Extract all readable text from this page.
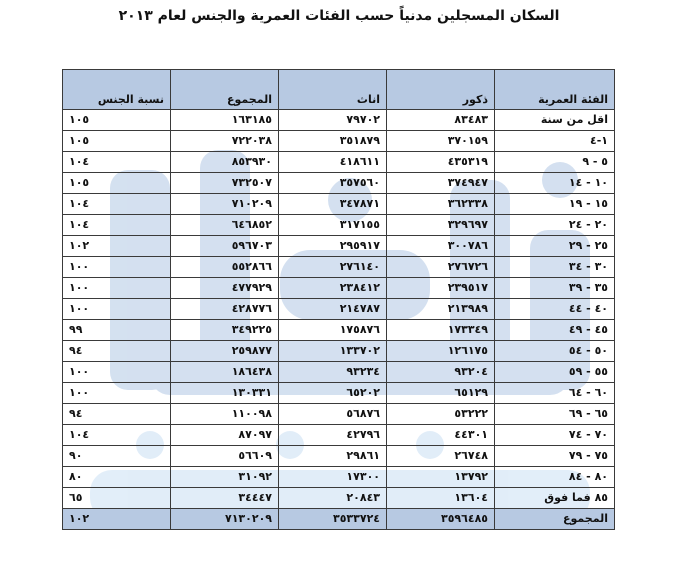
السكان المسجلين مدنياً حسب الفئات العمرية والجنس لعام ٢٠١٣
الفئة العمرية	ذكور	اناث	المجموع	نسبة الجنس
اقل من سنة	٨٣٤٨٣	٧٩٧٠٢	١٦٣١٨٥	١٠٥
١-٤	٣٧٠١٥٩	٣٥١٨٧٩	٧٢٢٠٣٨	١٠٥
٥ - ٩	٤٣٥٣١٩	٤١٨٦١١	٨٥٣٩٣٠	١٠٤
١٠ - ١٤	٣٧٤٩٤٧	٣٥٧٥٦٠	٧٣٢٥٠٧	١٠٥
١٥ - ١٩	٣٦٢٣٣٨	٣٤٧٨٧١	٧١٠٢٠٩	١٠٤
٢٠ - ٢٤	٣٢٩٦٩٧	٣١٧١٥٥	٦٤٦٨٥٢	١٠٤
٢٥ - ٢٩	٣٠٠٧٨٦	٢٩٥٩١٧	٥٩٦٧٠٣	١٠٢
٣٠ - ٣٤	٢٧٦٧٢٦	٢٧٦١٤٠	٥٥٢٨٦٦	١٠٠
٣٥ - ٣٩	٢٣٩٥١٧	٢٣٨٤١٢	٤٧٧٩٢٩	١٠٠
٤٠ - ٤٤	٢١٣٩٨٩	٢١٤٧٨٧	٤٢٨٧٧٦	١٠٠
٤٥ - ٤٩	١٧٣٣٤٩	١٧٥٨٧٦	٣٤٩٢٢٥	٩٩
٥٠ - ٥٤	١٢٦١٧٥	١٣٣٧٠٢	٢٥٩٨٧٧	٩٤
٥٥ - ٥٩	٩٣٢٠٤	٩٣٢٣٤	١٨٦٤٣٨	١٠٠
٦٠ - ٦٤	٦٥١٢٩	٦٥٢٠٢	١٣٠٣٣١	١٠٠
٦٥ - ٦٩	٥٣٢٢٢	٥٦٨٧٦	١١٠٠٩٨	٩٤
٧٠ - ٧٤	٤٤٣٠١	٤٢٧٩٦	٨٧٠٩٧	١٠٤
٧٥ - ٧٩	٢٦٧٤٨	٢٩٨٦١	٥٦٦٠٩	٩٠
٨٠ - ٨٤	١٣٧٩٢	١٧٣٠٠	٣١٠٩٢	٨٠
٨٥ فما فوق	١٣٦٠٤	٢٠٨٤٣	٣٤٤٤٧	٦٥
المجموع	٣٥٩٦٤٨٥	٣٥٣٣٧٢٤	٧١٣٠٢٠٩	١٠٢
